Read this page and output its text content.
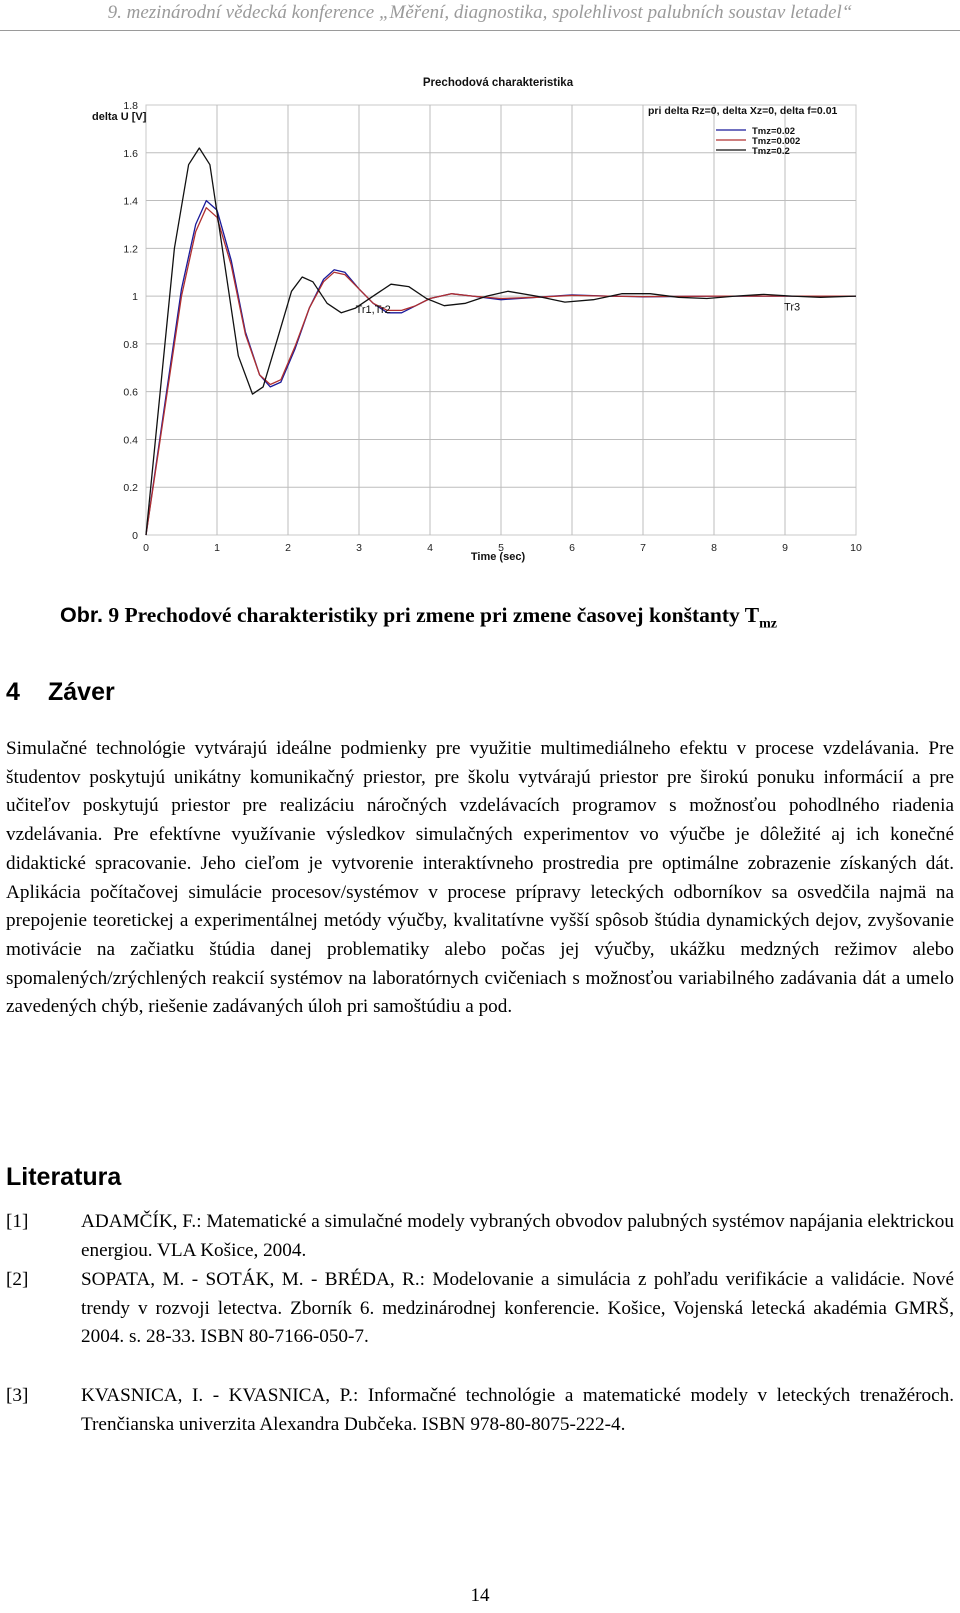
9. mezinárodní vědecká konference „Měření, diagnostika, spolehlivost palubních soustav letadel“
0	1	2	3	4	5	6	7	8	9	10
0
0.2
0.4
0.6
0.8
1
1.2
1.4
1.6
1.8
Prechodová charakteristika
delta U [V]
Time (sec)
pri delta Rz=0, delta Xz=0, delta f=0.01
Tmz=0.02
Tmz=0.002
Tmz=0.2
Tr1,Tr2	Tr3
Obr. 9 Prechodové charakteristiky pri zmene pri zmene časovej konštanty $T_{mz}$
4 Záver
Simulačné technológie vytvárajú ideálne podmienky pre využitie multimediálneho efektu v procese vzdelávania. Pre študentov poskytujú unikátny komunikačný priestor, pre školu vytvárajú priestor pre širokú ponuku informácií a pre učiteľov poskytujú priestor pre realizáciu náročných vzdelávacích programov s možnosťou pohodlného riadenia vzdelávania. Pre efektívne využívanie výsledkov simulačných experimentov vo výučbe je dôležité aj ich konečné didaktické spracovanie. Jeho cieľom je vytvorenie interaktívneho prostredia pre optimálne zobrazenie získaných dát. Aplikácia počítačovej simulácie procesov/systémov v procese prípravy leteckých odborníkov sa osvedčila najmä na prepojenie teoretickej a experimentálnej metódy výučby, kvalitatívne vyšší spôsob štúdia dynamických dejov, zvyšovanie motivácie na začiatku štúdia danej problematiky alebo počas jej výučby, ukážku medzných režimov alebo spomalených/zrýchlených reakcií systémov na laboratórnych cvičeniach s možnosťou variabilného zadávania dát a umelo zavedených chýb, riešenie zadávaných úloh pri samoštúdiu a pod.
Literatura
[1]	ADAMČÍK, F.: Matematické a simulačné modely vybraných obvodov palubných systémov napájania elektrickou energiou. VLA Košice, 2004.
[2]	SOPATA, M. - SOTÁK, M. - BRÉDA, R.: Modelovanie a simulácia z pohľadu verifikácie a validácie. Nové trendy v rozvoji letectva. Zborník 6. medzinárodnej konferencie. Košice, Vojenská letecká akadémia GMRŠ, 2004. s. 28-33. ISBN 80-7166-050-7.
[3]	KVASNICA, I. - KVASNICA, P.: Informačné technológie a matematické modely v leteckých trenažéroch. Trenčianska univerzita Alexandra Dubčeka. ISBN 978-80-8075-222-4.
14
